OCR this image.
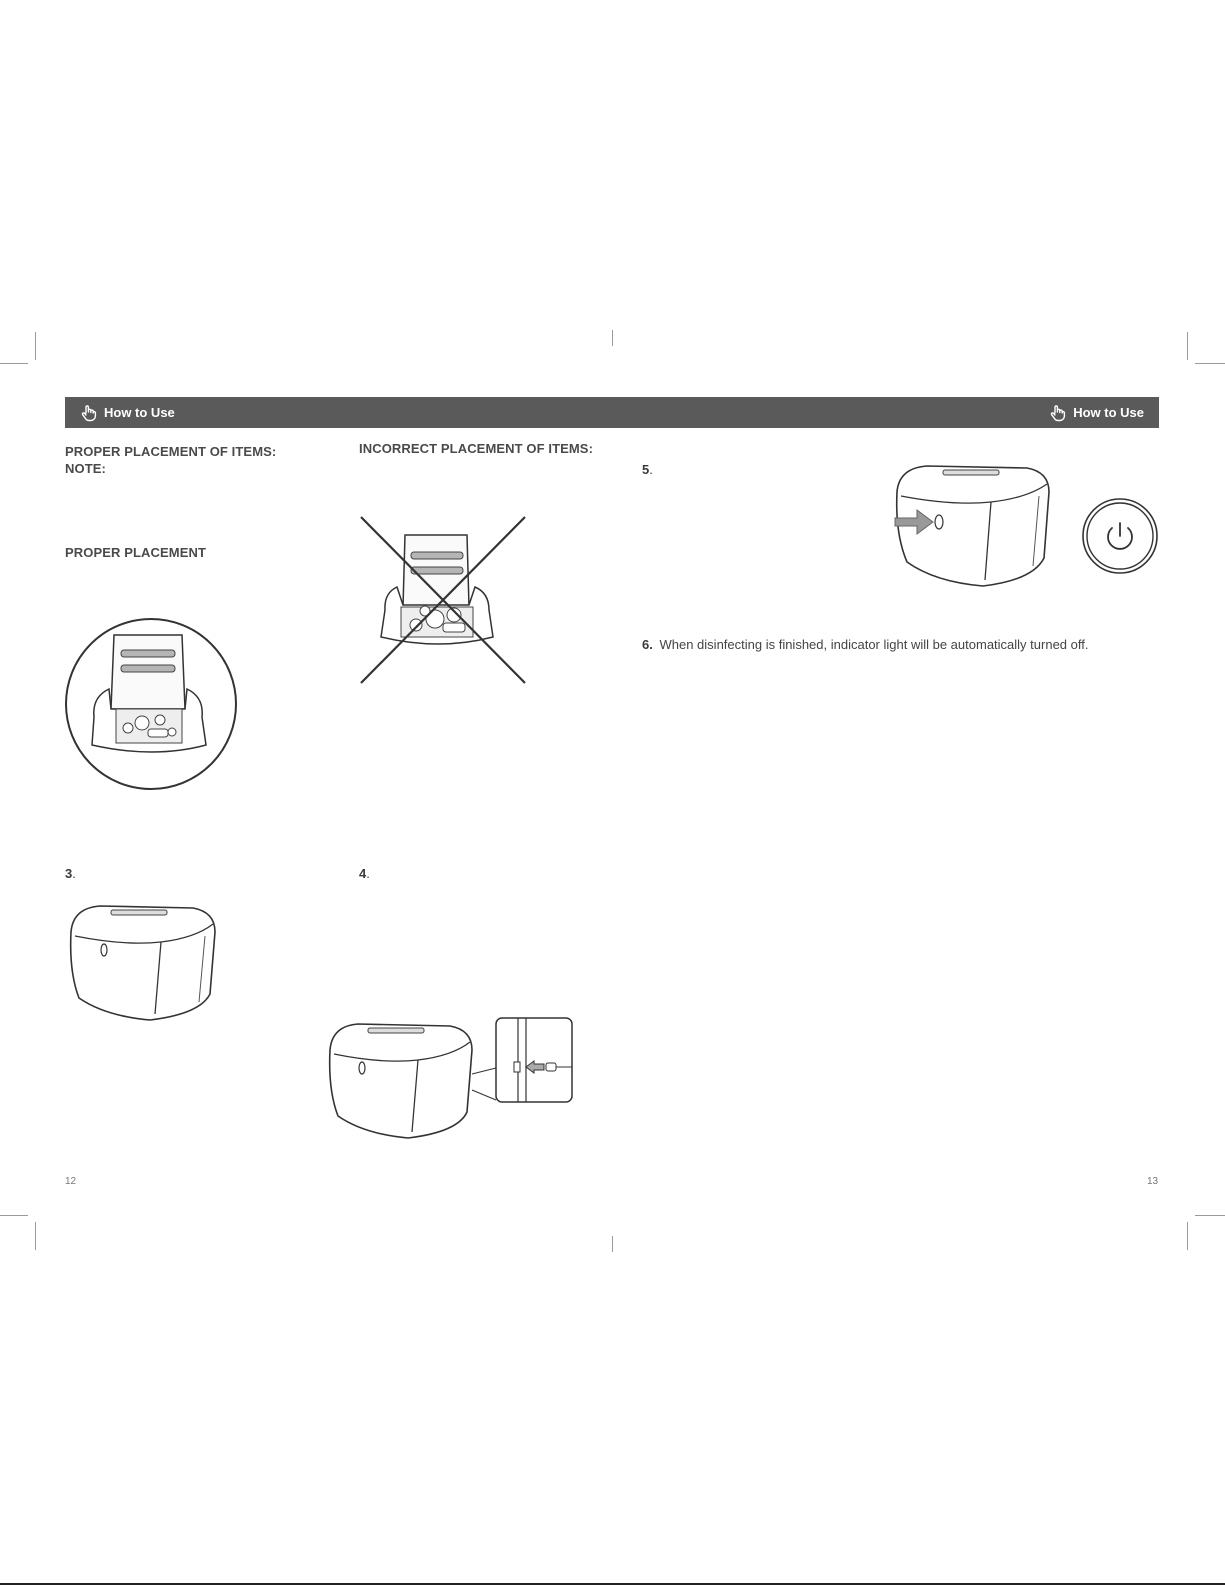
How to Use	How to Use
PROPER PLACEMENT OF ITEMS:
NOTE:
PROPER PLACEMENT
INCORRECT PLACEMENT OF ITEMS:
3.	4.
12
5.
6. When disinfecting is finished, indicator light will be automatically turned off.
13
